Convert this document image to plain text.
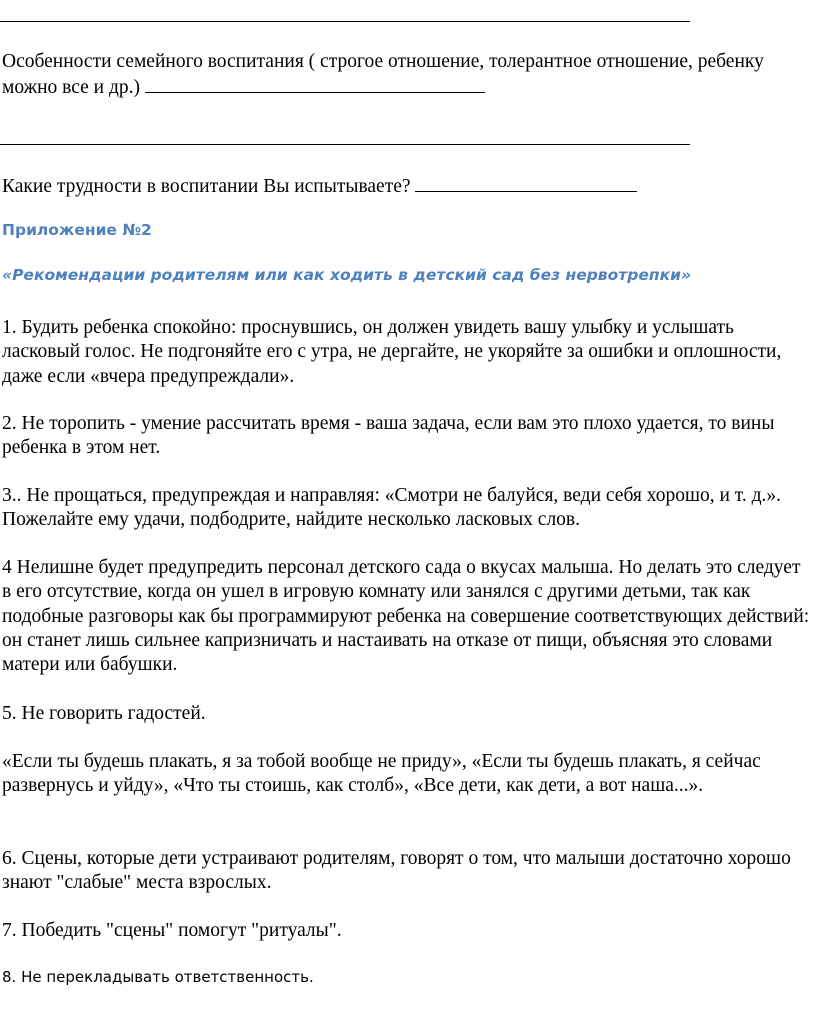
Особенности семейного воспитания ( строгое отношение, толерантное отношение, ребенку можно все и др.)

Какие трудности в воспитании Вы испытываете?

Приложение №2

«Рекомендации родителям или как ходить в детский сад без нервотрепки»

1. Будить ребенка спокойно: проснувшись, он должен увидеть вашу улыбку и услышать ласковый голос. Не подгоняйте его с утра, не дергайте, не укоряйте за ошибки и оплошности, даже если «вчера предупреждали».

2. Не торопить - умение рассчитать время - ваша задача, если вам это плохо удается, то вины ребенка в этом нет.

3.. Не прощаться, предупреждая и направляя: «Смотри не балуйся, веди себя хорошо, и т. д.». Пожелайте ему удачи, подбодрите, найдите несколько ласковых слов.

4 Нелишне будет предупредить персонал детского сада о вкусах малыша. Но делать это следует в его отсутствие, когда он ушел в игровую комнату или занялся с другими детьми, так как подобные разговоры как бы программируют ребенка на совершение соответствующих действий: он станет лишь сильнее капризничать и настаивать на отказе от пищи, объясняя это словами матери или бабушки.

5. Не говорить гадостей.

«Если ты будешь плакать, я за тобой вообще не приду», «Если ты будешь плакать, я сейчас развернусь и уйду», «Что ты стоишь, как столб», «Все дети, как дети, а вот наша...».

6. Сцены, которые дети устраивают родителям, говорят о том, что малыши достаточно хорошо знают "слабые" места взрослых.

7. Победить "сцены" помогут "ритуалы".

8. Не перекладывать ответственность.
